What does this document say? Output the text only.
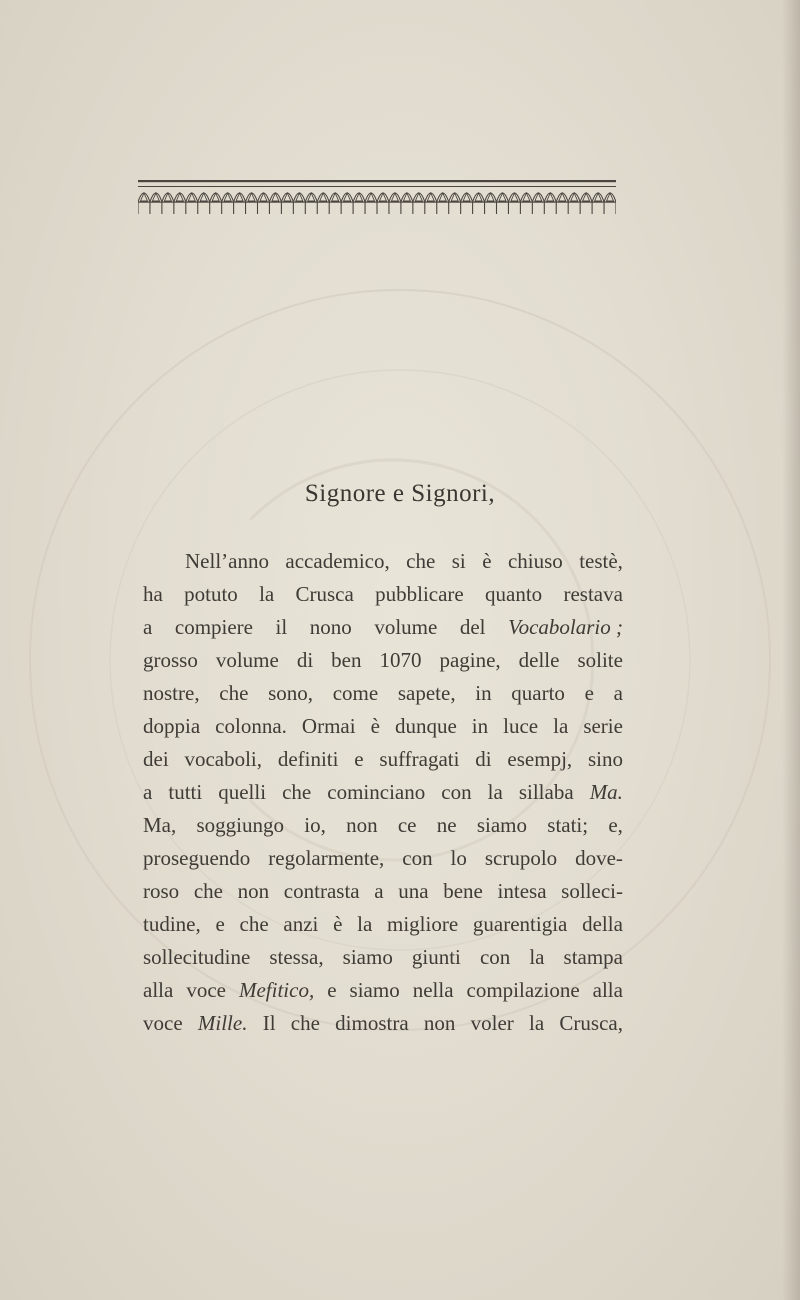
Signore e Signori,
Nell’anno accademico, che si è chiuso testè,
ha potuto la Crusca pubblicare quanto restava
a compiere il nono volume del Vocabolario ;
grosso volume di ben 1070 pagine, delle solite
nostre, che sono, come sapete, in quarto e a
doppia colonna. Ormai è dunque in luce la serie
dei vocaboli, definiti e suffragati di esempj, sino
a tutti quelli che cominciano con la sillaba Ma.
Ma, soggiungo io, non ce ne siamo stati; e,
proseguendo regolarmente, con lo scrupolo dove-
roso che non contrasta a una bene intesa solleci-
tudine, e che anzi è la migliore guarentigia della
sollecitudine stessa, siamo giunti con la stampa
alla voce Mefitico, e siamo nella compilazione alla
voce Mille. Il che dimostra non voler la Crusca,
